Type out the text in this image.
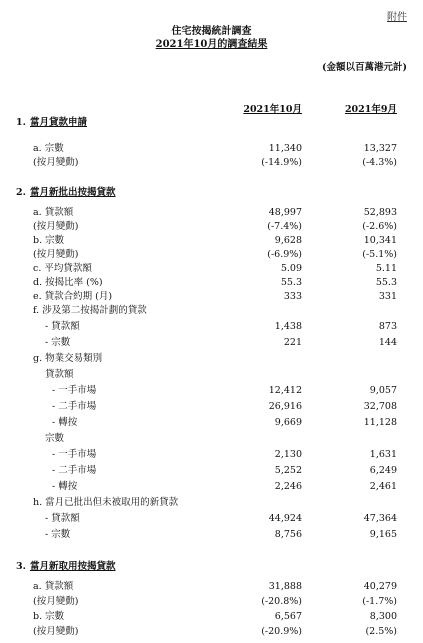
附件
住宅按揭統計調查
2021年10月的調查結果
(金額以百萬港元計)
2021年10月	2021年9月
1. 當月貸款申請
a. 宗數	11,340	13,327
(按月變動)	(-14.9%)	(-4.3%)
2. 當月新批出按揭貸款
a. 貸款額	48,997	52,893
(按月變動)	(-7.4%)	(-2.6%)
b. 宗數	9,628	10,341
(按月變動)	(-6.9%)	(-5.1%)
c. 平均貸款額	5.09	5.11
d. 按揭比率 (%)	55.3	55.3
e. 貸款合約期 (月)	333	331
f. 涉及第二按揭計劃的貸款
- 貸款額	1,438	873
- 宗數	221	144
g. 物業交易類別
貸款額
- 一手市場	12,412	9,057
- 二手市場	26,916	32,708
- 轉按	9,669	11,128
宗數
- 一手市場	2,130	1,631
- 二手市場	5,252	6,249
- 轉按	2,246	2,461
h. 當月已批出但未被取用的新貸款
- 貸款額	44,924	47,364
- 宗數	8,756	9,165
3. 當月新取用按揭貸款
a. 貸款額	31,888	40,279
(按月變動)	(-20.8%)	(-1.7%)
b. 宗數	6,567	8,300
(按月變動)	(-20.9%)	(2.5%)
